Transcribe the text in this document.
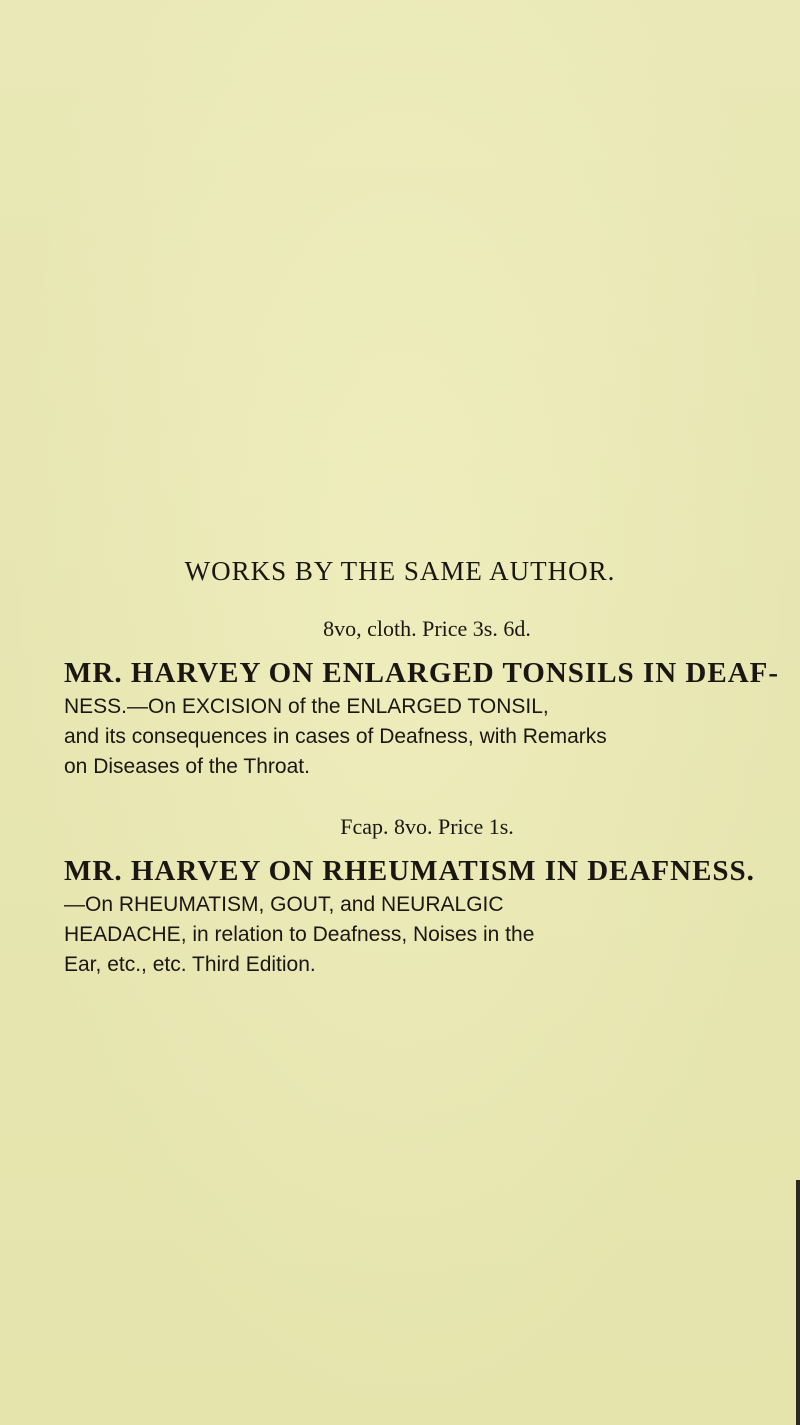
WORKS BY THE SAME AUTHOR.

8vo, cloth. Price 3s. 6d.

MR. HARVEY ON ENLARGED TONSILS IN DEAF-

NESS.—On EXCISION of the ENLARGED TONSIL,

and its consequences in cases of Deafness, with Remarks

on Diseases of the Throat.

Fcap. 8vo. Price 1s.

MR. HARVEY ON RHEUMATISM IN DEAFNESS.

—On RHEUMATISM, GOUT, and NEURALGIC

HEADACHE, in relation to Deafness, Noises in the

Ear, etc., etc. Third Edition.
